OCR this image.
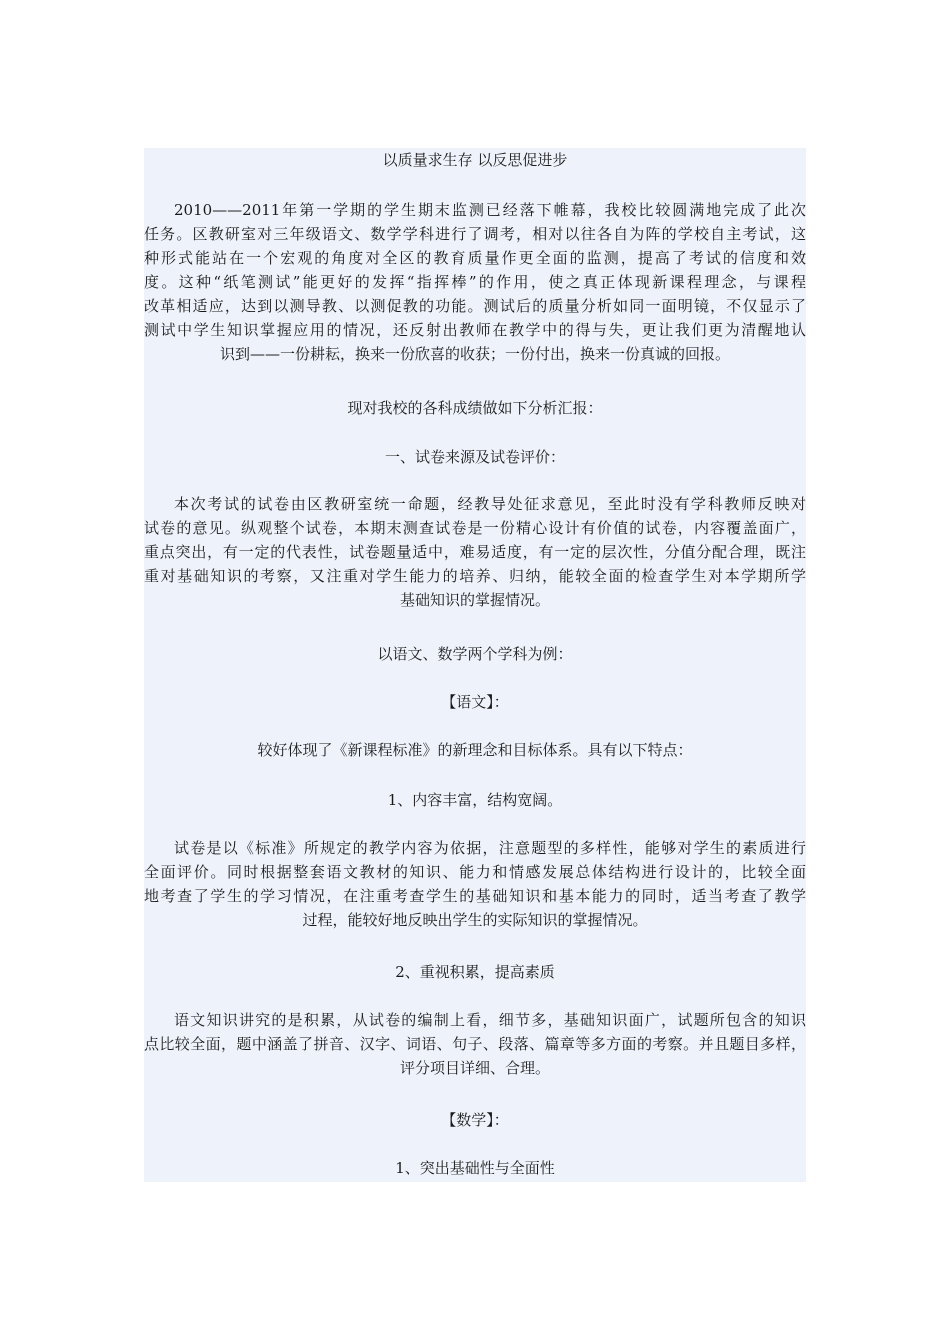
以质量求生存 以反思促进步
2010——2011年第一学期的学生期末监测已经落下帷幕，我校比较圆满地完成了此次
任务。区教研室对三年级语文、数学学科进行了调考，相对以往各自为阵的学校自主考试，这
种形式能站在一个宏观的角度对全区的教育质量作更全面的监测，提高了考试的信度和效
度。这种“纸笔测试”能更好的发挥“指挥棒”的作用，使之真正体现新课程理念，与课程
改革相适应，达到以测导教、以测促教的功能。测试后的质量分析如同一面明镜，不仅显示了
测试中学生知识掌握应用的情况，还反射出教师在教学中的得与失，更让我们更为清醒地认
识到——一份耕耘，换来一份欣喜的收获；一份付出，换来一份真诚的回报。
现对我校的各科成绩做如下分析汇报：
一、试卷来源及试卷评价：
本次考试的试卷由区教研室统一命题，经教导处征求意见，至此时没有学科教师反映对
试卷的意见。纵观整个试卷，本期末测查试卷是一份精心设计有价值的试卷，内容覆盖面广，
重点突出，有一定的代表性，试卷题量适中，难易适度，有一定的层次性，分值分配合理，既注
重对基础知识的考察，又注重对学生能力的培养、归纳，能较全面的检查学生对本学期所学
基础知识的掌握情况。
以语文、数学两个学科为例：
【语文】：
较好体现了《新课程标准》的新理念和目标体系。具有以下特点：
1、内容丰富，结构宽阔。
试卷是以《标准》所规定的教学内容为依据，注意题型的多样性，能够对学生的素质进行
全面评价。同时根据整套语文教材的知识、能力和情感发展总体结构进行设计的，比较全面
地考查了学生的学习情况，在注重考查学生的基础知识和基本能力的同时，适当考查了教学
过程，能较好地反映出学生的实际知识的掌握情况。
2、重视积累，提高素质
语文知识讲究的是积累，从试卷的编制上看，细节多，基础知识面广，试题所包含的知识
点比较全面，题中涵盖了拼音、汉字、词语、句子、段落、篇章等多方面的考察。并且题目多样，
评分项目详细、合理。
【数学】：
1、突出基础性与全面性
